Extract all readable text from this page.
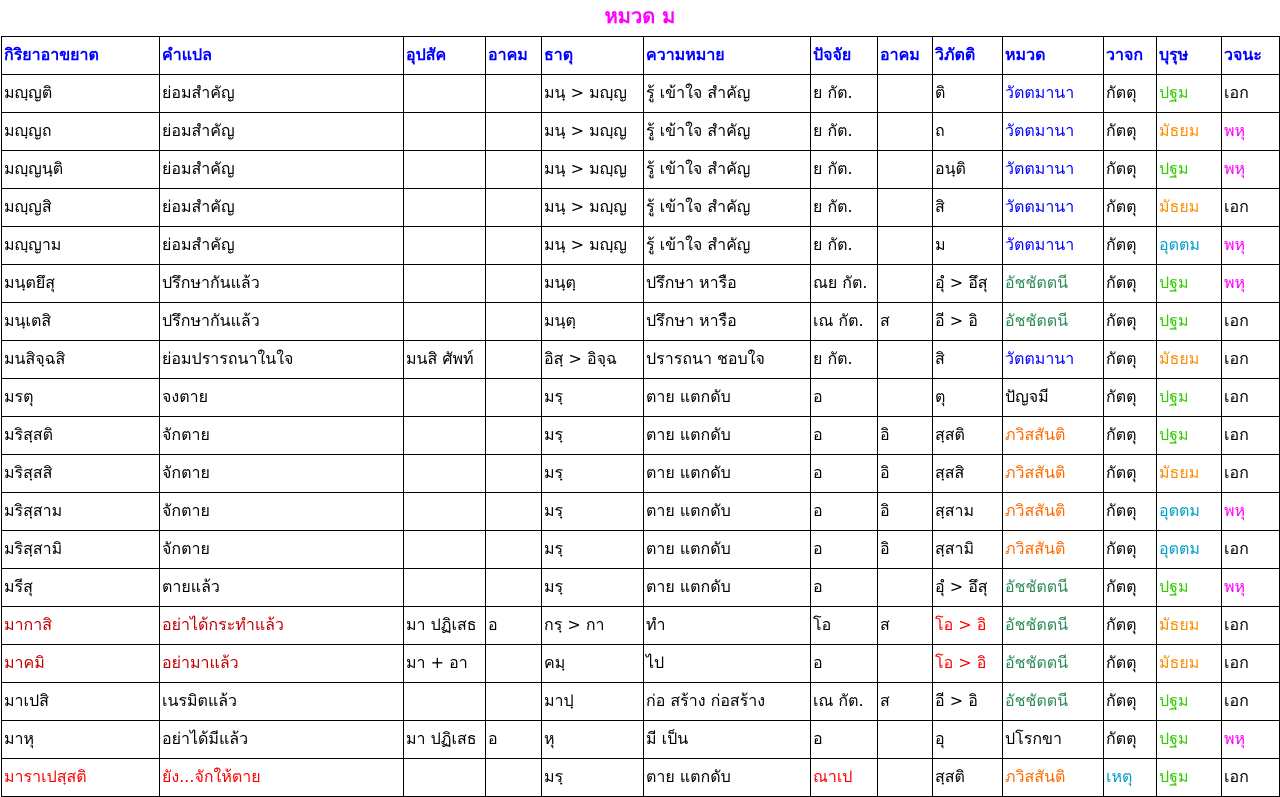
หมวด ม
กิริยาอาขยาต	คำแปล	อุปสัค	อาคม	ธาตุ	ความหมาย	ปัจจัย	อาคม	วิภัตติ	หมวด	วาจก	บุรุษ	วจนะ
มญฺญติ	ย่อมสำคัญ			มนฺ > มญฺญ	รู้ เข้าใจ สำคัญ	ย กัต.		ติ	วัตตมานา	กัตตุ	ปฐม	เอก
มญฺญถ	ย่อมสำคัญ			มนฺ > มญฺญ	รู้ เข้าใจ สำคัญ	ย กัต.		ถ	วัตตมานา	กัตตุ	มัธยม	พหุ
มญฺญนฺติ	ย่อมสำคัญ			มนฺ > มญฺญ	รู้ เข้าใจ สำคัญ	ย กัต.		อนฺติ	วัตตมานา	กัตตุ	ปฐม	พหุ
มญฺญสิ	ย่อมสำคัญ			มนฺ > มญฺญ	รู้ เข้าใจ สำคัญ	ย กัต.		สิ	วัตตมานา	กัตตุ	มัธยม	เอก
มญฺญาม	ย่อมสำคัญ			มนฺ > มญฺญ	รู้ เข้าใจ สำคัญ	ย กัต.		ม	วัตตมานา	กัตตุ	อุตตม	พหุ
มนฺตยึสุ	ปรึกษากันแล้ว			มนฺตฺ	ปรึกษา หารือ	ณย กัต.		อุํ > อึสุ	อัชชัตตนี	กัตตุ	ปฐม	พหุ
มนฺเตสิ	ปรึกษากันแล้ว			มนฺตฺ	ปรึกษา หารือ	เณ กัต.	ส	อี > อิ	อัชชัตตนี	กัตตุ	ปฐม	เอก
มนสิจฺฉสิ	ย่อมปรารถนาในใจ	มนสิ ศัพท์		อิสฺ > อิจฺฉ	ปรารถนา ชอบใจ	ย กัต.		สิ	วัตตมานา	กัตตุ	มัธยม	เอก
มรตุ	จงตาย			มรฺ	ตาย แตกดับ	อ		ตุ	ปัญจมี	กัตตุ	ปฐม	เอก
มริสฺสติ	จักตาย			มรฺ	ตาย แตกดับ	อ	อิ	สฺสติ	ภวิสสันติ	กัตตุ	ปฐม	เอก
มริสฺสสิ	จักตาย			มรฺ	ตาย แตกดับ	อ	อิ	สฺสสิ	ภวิสสันติ	กัตตุ	มัธยม	เอก
มริสฺสาม	จักตาย			มรฺ	ตาย แตกดับ	อ	อิ	สฺสาม	ภวิสสันติ	กัตตุ	อุตตม	พหุ
มริสฺสามิ	จักตาย			มรฺ	ตาย แตกดับ	อ	อิ	สฺสามิ	ภวิสสันติ	กัตตุ	อุตตม	เอก
มรีสุ	ตายแล้ว			มรฺ	ตาย แตกดับ	อ		อุํ > อึสุ	อัชชัตตนี	กัตตุ	ปฐม	พหุ
มากาสิ	อย่าได้กระทำแล้ว	มา ปฏิเสธ	อ	กรฺ > กา	ทำ	โอ	ส	โอ > อิ	อัชชัตตนี	กัตตุ	มัธยม	เอก
มาคมิ	อย่ามาแล้ว	มา + อา		คมฺ	ไป	อ		โอ > อิ	อัชชัตตนี	กัตตุ	มัธยม	เอก
มาเปสิ	เนรมิตแล้ว			มาปฺ	ก่อ สร้าง ก่อสร้าง	เณ กัต.	ส	อี > อิ	อัชชัตตนี	กัตตุ	ปฐม	เอก
มาหุ	อย่าได้มีแล้ว	มา ปฏิเสธ	อ	หุ	มี เป็น	อ		อุ	ปโรกขา	กัตตุ	ปฐม	พหุ
มาราเปสฺสติ	ยัง...จักให้ตาย			มรฺ	ตาย แตกดับ	ณาเป		สฺสติ	ภวิสสันติ	เหตุ	ปฐม	เอก
